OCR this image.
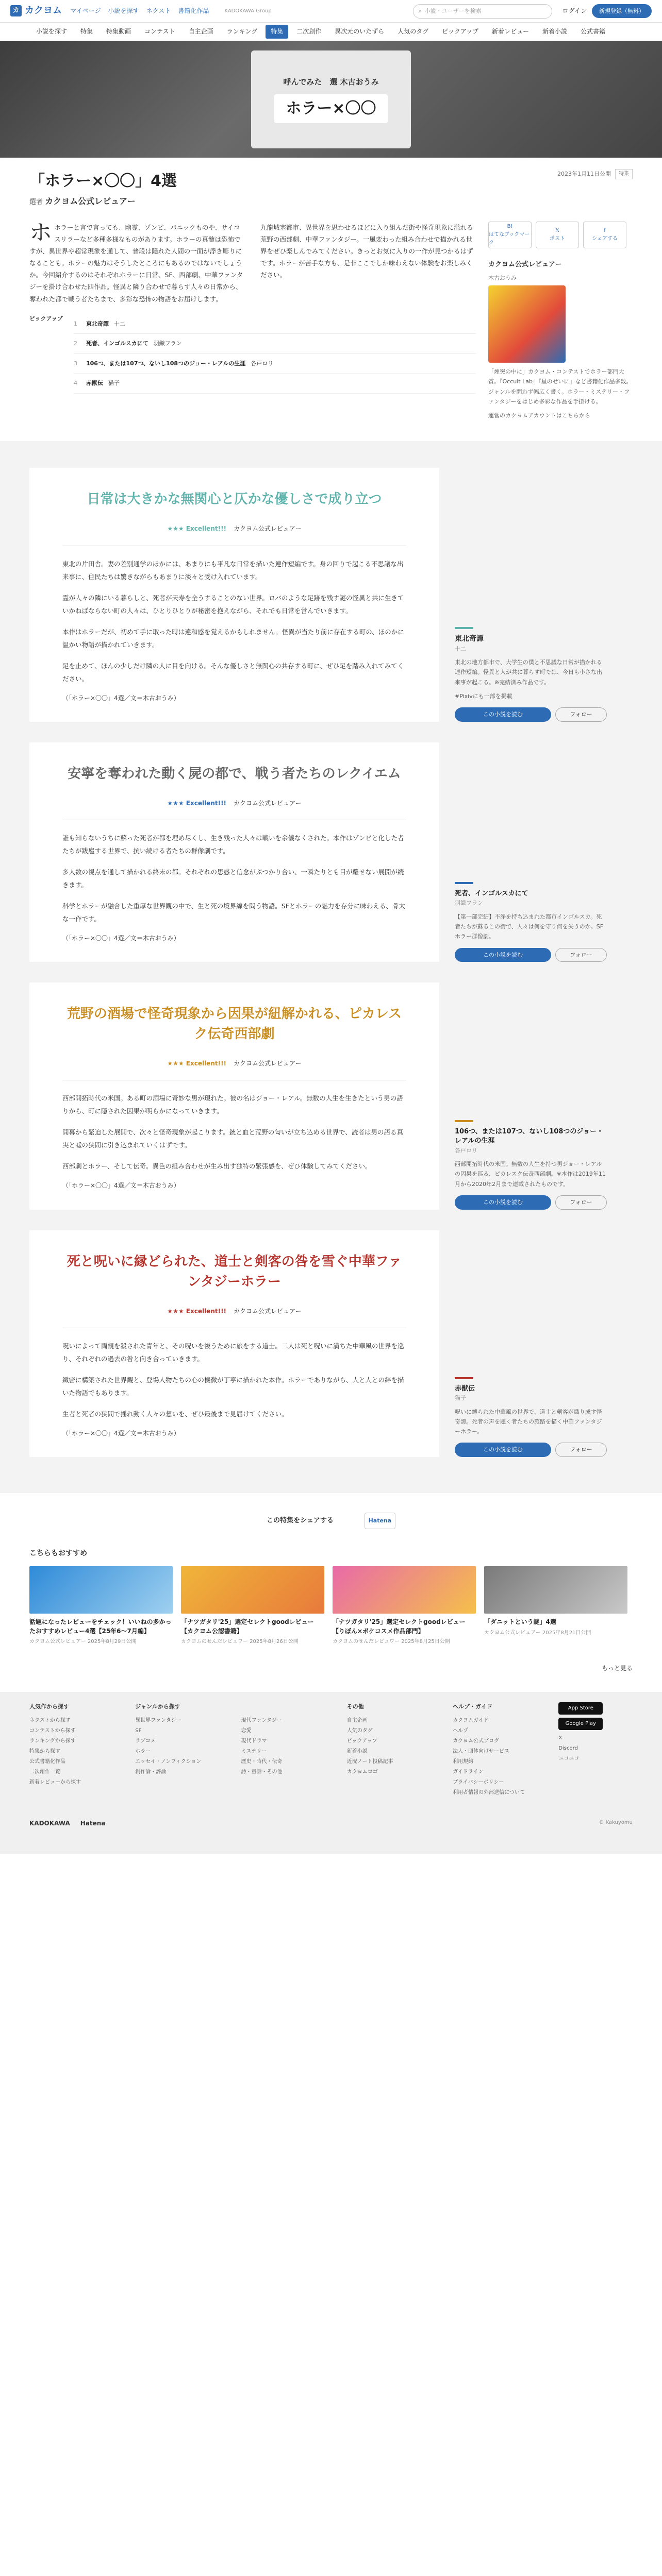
カ カクヨム マイページ 小説を探す ネクスト 書籍化作品	KADOKAWA Group	⌕ 小説・ユーザーを検索	ログイン	新規登録（無料）
小説を探す	特集	特集動画	コンテスト	自主企画	ランキング	特集	二次創作	異次元のいたずら	人気のタグ	ピックアップ	新着レビュー	新着小説	公式書籍
呼んでみた　選 木古おうみ
ホラー×〇〇
「ホラー×〇〇」4選
選者 カクヨム公式レビュアー
2023年1月11日公開	特集
ホホラーと言で言っても、幽霊、ゾンビ、パニックものや、サイコスリラーなど多種多様なものがあります。ホラーの真髄は恐怖ですが、異世界や超常現象を通して、普段は隠れた人間の一面が浮き彫りになることも。ホラーの魅力はそうしたところにもあるのではないでしょうか。今回紹介するのはそれぞれホラーに日常、SF、西部劇、中華ファンタジーを掛け合わせた四作品。怪異と隣り合わせで暮らす人々の日常から、奪われた都で戦う者たちまで、多彩な恐怖の物語をお届けします。
九龍城塞都市、異世界を思わせるほどに入り組んだ街や怪奇現象に溢れる荒野の西部劇、中華ファンタジー。一風変わった組み合わせで描かれる世界をぜひ楽しんでみてください。きっとお気に入りの一作が見つかるはずです。ホラーが苦手な方も、是非ここでしか味わえない体験をお楽しみください。
ピックアップ
1	東北奇譚 十二
2	死者、インゴルスカにて 羽織フラン
3	106つ、または107つ、ないし108つのジョー・レアルの生涯 各戸ロリ
4	赤獣伝 猫子
B!
はてなブックマーク
𝕏
ポスト
f
シェアする
カクヨム公式レビュアー
木古おうみ
「煙突の中に」カクヨム・コンテストでホラー部門大賞。『Occult Lab』『星のせいに』など書籍化作品多数。ジャンルを問わず幅広く書く。ホラー・ミステリー・ファンタジーをはじめ多彩な作品を手掛ける。
運営のカクヨムアカウントはこちらから
日常は大きかな無関心と仄かな優しさで成り立つ
★★★ Excellent!!! カクヨム公式レビュアー

東北の片田舎。妻の差別通学のほかには、あまりにも平凡な日常を描いた連作短編です。身の回りで起こる不思議な出来事に、住民たちは驚きながらもあまりに淡々と受け入れています。

霊が人々の隣にいる暮らしと、死者が天寿を全うすることのない世界。ロバのような足跡を残す謎の怪異と共に生きていかねばならない町の人々は、ひとりひとりが秘密を抱えながら、それでも日常を営んでいきます。

本作はホラーだが、初めて手に取った時は違和感を覚えるかもしれません。怪異が当たり前に存在する町の、ほのかに温かい物語が描かれていきます。

足を止めて、ほんの少しだけ隣の人に目を向ける。そんな優しさと無関心の共存する町に、ぜひ足を踏み入れてみてください。

（「ホラー×〇〇」4選／文＝木古おうみ）
東北奇譚
十二
東北の地方都市で、大学生の僕と不思議な日常が描かれる連作短編。怪異と人が共に暮らす町では、今日も小さな出来事が起こる。※完結済み作品です。
#Pixivにも一部を掲載
この小説を読む	フォロー
安寧を奪われた動く屍の都で、戦う者たちのレクイエム
★★★ Excellent!!! カクヨム公式レビュアー

誰も知らないうちに蘇った死者が都を埋め尽くし、生き残った人々は戦いを余儀なくされた。本作はゾンビと化した者たちが跋扈する世界で、抗い続ける者たちの群像劇です。

多人数の視点を通して描かれる終末の都。それぞれの思惑と信念がぶつかり合い、一瞬たりとも目が離せない展開が続きます。

科学とホラーが融合した重厚な世界観の中で、生と死の境界線を問う物語。SFとホラーの魅力を存分に味わえる、骨太な一作です。

（「ホラー×〇〇」4選／文＝木古おうみ）
死者、インゴルスカにて
羽織フラン
【第一部完結】不浄を持ち込まれた都市インゴルスカ。死者たちが蘇るこの街で、人々は何を守り何を失うのか。SFホラー群像劇。
この小説を読む	フォロー
荒野の酒場で怪奇現象から因果が紐解かれる、ピカレスク伝奇西部劇
★★★ Excellent!!! カクヨム公式レビュアー

西部開拓時代の米国。ある町の酒場に奇妙な男が現れた。彼の名はジョー・レアル。無数の人生を生きたという男の語りから、町に隠された因果が明らかになっていきます。

開幕から緊迫した展開で、次々と怪奇現象が起こります。銃と血と荒野の匂いが立ち込める世界で、読者は男の語る真実と嘘の狭間に引き込まれていくはずです。

西部劇とホラー、そして伝奇。異色の組み合わせが生み出す独特の緊張感を、ぜひ体験してみてください。

（「ホラー×〇〇」4選／文＝木古おうみ）
106つ、または107つ、ないし108つのジョー・レアルの生涯
各戸ロリ
西部開拓時代の米国。無数の人生を持つ男ジョー・レアルの因果を巡る、ピカレスク伝奇西部劇。※本作は2019年11月から2020年2月まで連載されたものです。
この小説を読む	フォロー
死と呪いに縁どられた、道士と剣客の咎を雪ぐ中華ファンタジーホラー
★★★ Excellent!!! カクヨム公式レビュアー

呪いによって両親を殺された青年と、その呪いを祓うために旅をする道士。二人は死と呪いに満ちた中華風の世界を巡り、それぞれの過去の咎と向き合っていきます。

緻密に構築された世界観と、登場人物たちの心の機微が丁寧に描かれた本作。ホラーでありながら、人と人との絆を描いた物語でもあります。

生者と死者の狭間で揺れ動く人々の想いを、ぜひ最後まで見届けてください。

（「ホラー×〇〇」4選／文＝木古おうみ）
赤獣伝
猫子
呪いに縛られた中華風の世界で、道士と剣客が織り成す怪奇譚。死者の声を聴く者たちの旅路を描く中華ファンタジーホラー。
この小説を読む	フォロー
この特集をシェアする	Hatena
こちらもおすすめ
話題になったレビューをチェック！いいねの多かったおすすめレビュー4選【25年6〜7月編】
カクヨム公式レビュアー 2025年8月29日公開
「ナツガタリ'25」選定セレクトgoodレビュー【カクヨム公認書籍】
カクヨムのせんだレビュワー 2025年8月26日公開
「ナツガタリ'25」選定セレクトgoodレビュー【りぼん×ポケコスメ作品部門】
カクヨムのせんだレビュワー 2025年8月25日公開
「ダニットという謎」4選
カクヨム公式レビュアー 2025年8月21日公開
もっと見る
人気作から探す
ネクストから探す
コンテストから探す
ランキングから探す
特集から探す
公式書籍化作品
二次創作一覧
新着レビューから探す
ジャンルから探す
異世界ファンタジー
SF
ラブコメ
ホラー
エッセイ・ノンフィクション
創作論・評論

現代ファンタジー
恋愛
現代ドラマ
ミステリー
歴史・時代・伝奇
詩・童話・その他
その他
自主企画
人気のタグ
ピックアップ
新着小説
近況ノート投稿記事
カクヨムロゴ
ヘルプ・ガイド
カクヨムガイド
ヘルプ
カクヨム公式ブログ
法人・団体向けサービス
利用規約
ガイドライン
プライバシーポリシー
利用者情報の外部送信について
App Store
Google Play
X
Discord
ニコニコ
KADOKAWA Hatena	© Kakuyomu
